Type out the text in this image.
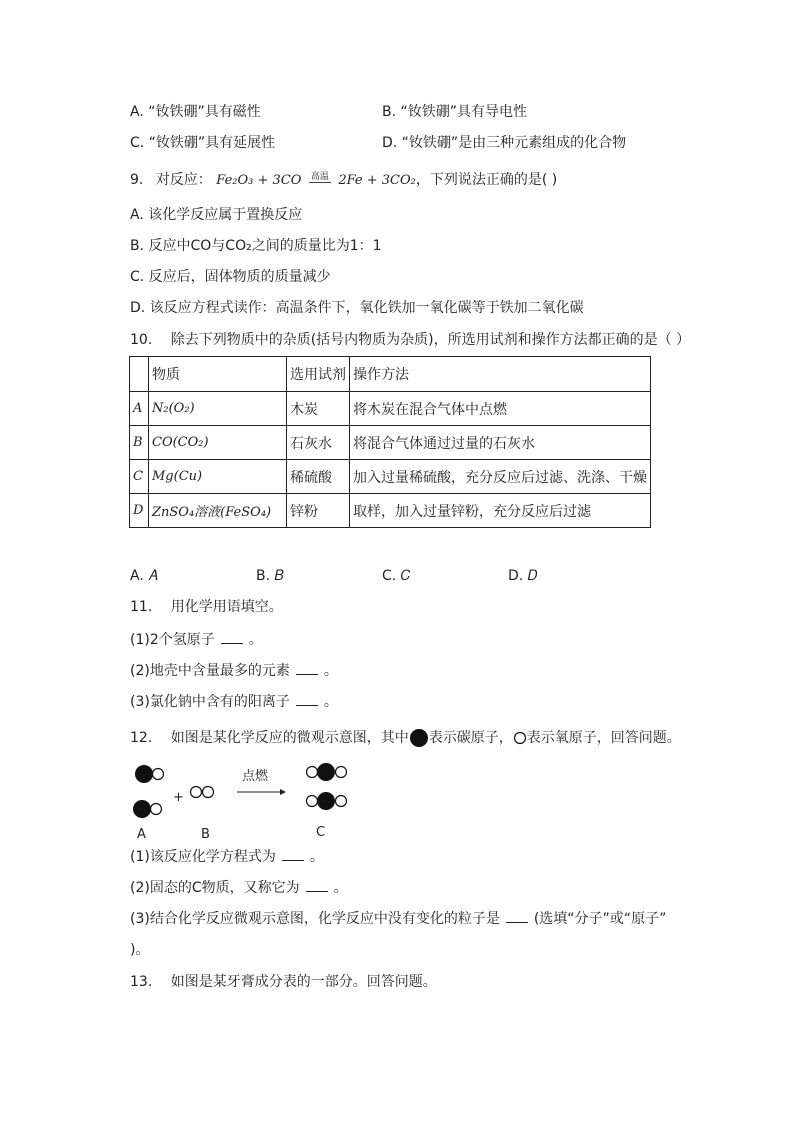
A. “钕铁硼”具有磁性	B. “钕铁硼”具有导电性
C. “钕铁硼”具有延展性	D. “钕铁硼”是由三种元素组成的化合物
9. 对反应： Fe₂O₃ + 3CO 高温 2Fe + 3CO₂，下列说法正确的是( )
A. 该化学反应属于置换反应
B. 反应中CO与CO₂之间的质量比为1：1
C. 反应后，固体物质的质量减少
D. 该反应方程式读作：高温条件下，氧化铁加一氧化碳等于铁加二氧化碳
10. 除去下列物质中的杂质(括号内物质为杂质)，所选用试剂和操作方法都正确的是（ ）
	物质	选用试剂	操作方法
A	N₂(O₂)	木炭	将木炭在混合气体中点燃
B	CO(CO₂)	石灰水	将混合气体通过过量的石灰水
C	Mg(Cu)	稀硫酸	加入过量稀硫酸，充分反应后过滤、洗涤、干燥
D	ZnSO₄溶液(FeSO₄)	锌粉	取样，加入过量锌粉，充分反应后过滤
A. 𝐴	B. 𝐵	C. 𝐶	D. 𝐷
11. 用化学用语填空。
(1)2个氢原子 。
(2)地壳中含量最多的元素 。
(3)氯化钠中含有的阳离子 。
12. 如图是某化学反应的微观示意图，其中 表示碳原子， 表示氧原子，回答问题。
+
点燃
A	B	C
(1)该反应化学方程式为 。
(2)固态的C物质，又称它为 。
(3)结合化学反应微观示意图，化学反应中没有变化的粒子是 (选填“分子”或“原子”
)。
13. 如图是某牙膏成分表的一部分。回答问题。
